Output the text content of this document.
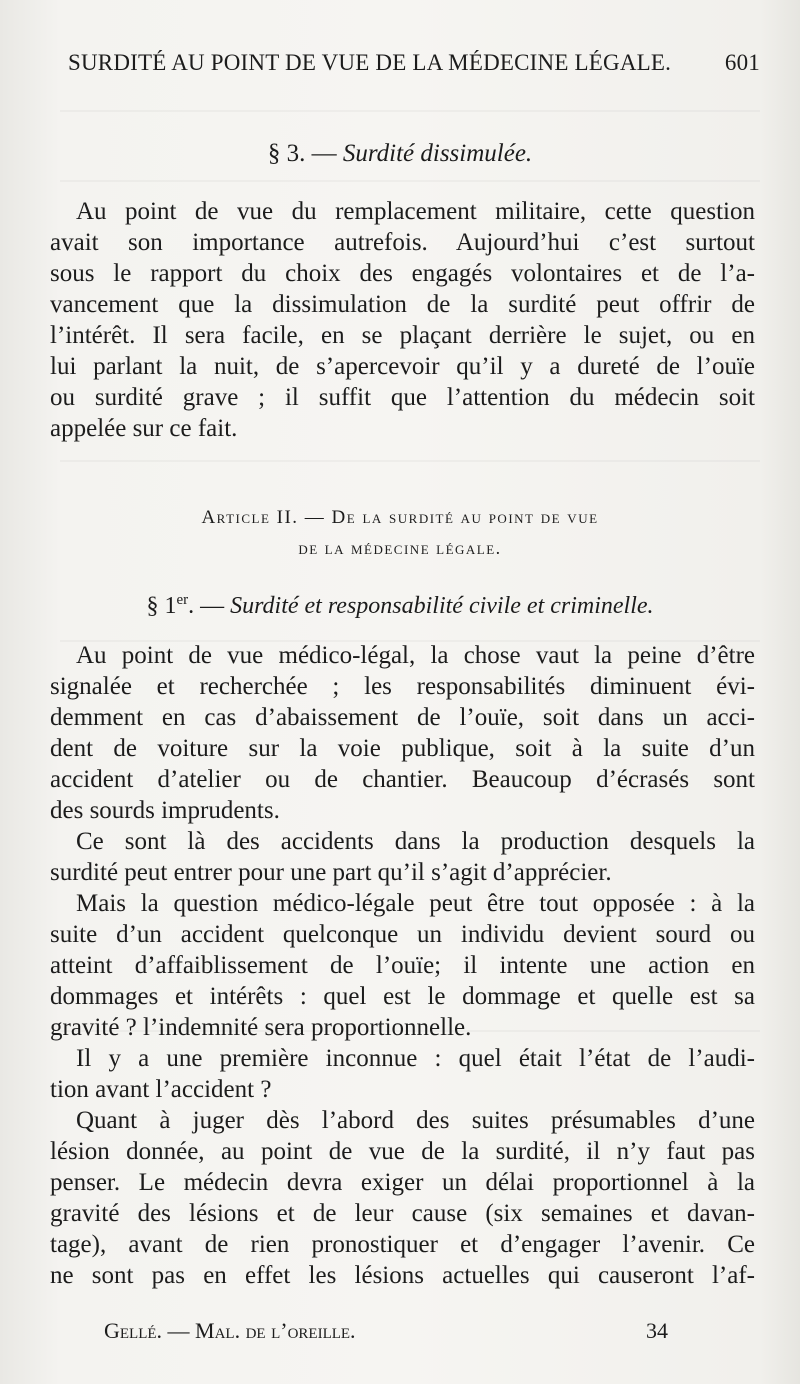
SURDITÉ AU POINT DE VUE DE LA MÉDECINE LÉGALE. 601
§ 3. — Surdité dissimulée.
Au point de vue du remplacement militaire, cette question
avait son importance autrefois. Aujourd’hui c’est surtout
sous le rapport du choix des engagés volontaires et de l’a-
vancement que la dissimulation de la surdité peut offrir de
l’intérêt. Il sera facile, en se plaçant derrière le sujet, ou en
lui parlant la nuit, de s’apercevoir qu’il y a dureté de l’ouïe
ou surdité grave ; il suffit que l’attention du médecin soit
appelée sur ce fait.
Article II. — De la surdité au point de vue
de la médecine légale.
§ 1er. — Surdité et responsabilité civile et criminelle.
Au point de vue médico-légal, la chose vaut la peine d’être
signalée et recherchée ; les responsabilités diminuent évi-
demment en cas d’abaissement de l’ouïe, soit dans un acci-
dent de voiture sur la voie publique, soit à la suite d’un
accident d’atelier ou de chantier. Beaucoup d’écrasés sont
des sourds imprudents.
Ce sont là des accidents dans la production desquels la
surdité peut entrer pour une part qu’il s’agit d’apprécier.
Mais la question médico-légale peut être tout opposée : à la
suite d’un accident quelconque un individu devient sourd ou
atteint d’affaiblissement de l’ouïe; il intente une action en
dommages et intérêts : quel est le dommage et quelle est sa
gravité ? l’indemnité sera proportionnelle.
Il y a une première inconnue : quel était l’état de l’audi-
tion avant l’accident ?
Quant à juger dès l’abord des suites présumables d’une
lésion donnée, au point de vue de la surdité, il n’y faut pas
penser. Le médecin devra exiger un délai proportionnel à la
gravité des lésions et de leur cause (six semaines et davan-
tage), avant de rien pronostiquer et d’engager l’avenir. Ce
ne sont pas en effet les lésions actuelles qui causeront l’af-
Gellé. — Mal. de l’oreille.	34
